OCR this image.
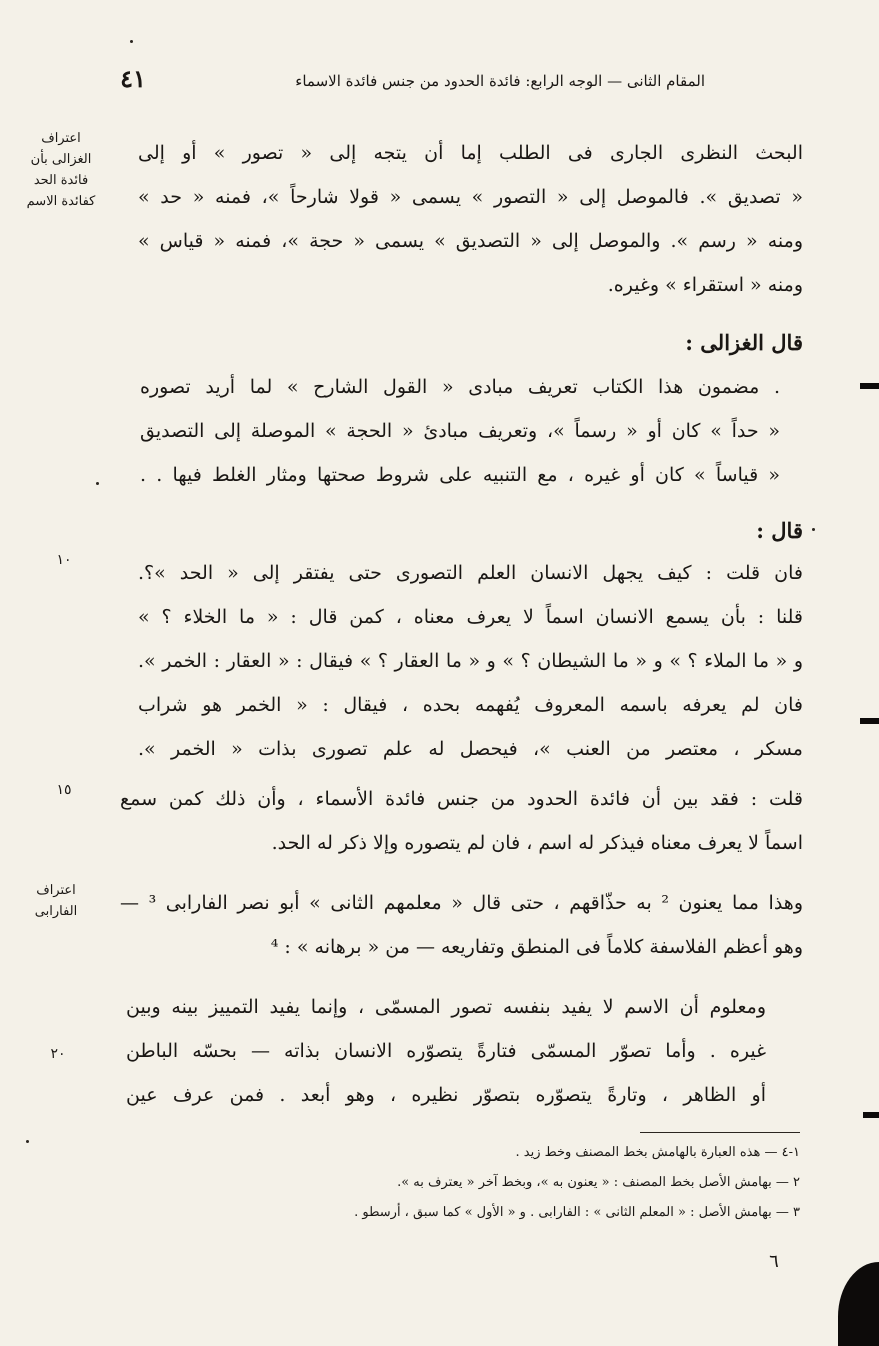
المقام الثانى — الوجه الرابع: فائدة الحدود من جنس فائدة الاسماء
٤١
اعتراف
الغزالى بأن
فائدة الحد
كفائدة الاسم
اعتراف
الفارابى
١٠
١٥
٢٠
البحث النظرى الجارى فى الطلب إما أن يتجه إلى « تصور » أو إلى
« تصديق ». فالموصل إلى « التصور » يسمى « قولا شارحاً »، فمنه « حد »
ومنه « رسم ». والموصل إلى « التصديق » يسمى « حجة »، فمنه « قياس »
ومنه « استقراء » وغيره.
قال الغزالى :
. مضمون هذا الكتاب تعريف مبادى « القول الشارح » لما أريد تصوره
« حداً » كان أو « رسماً »، وتعريف مبادئ « الحجة » الموصلة إلى التصديق
« قياساً » كان أو غيره ، مع التنبيه على شروط صحتها ومثار الغلط فيها . .
قال :
فان قلت : كيف يجهل الانسان العلم التصورى حتى يفتقر إلى « الحد »؟.
قلنا : بأن يسمع الانسان اسماً لا يعرف معناه ، كمن قال : « ما الخلاء ؟ »
و « ما الملاء ؟ » و « ما الشيطان ؟ » و « ما العقار ؟ » فيقال : « العقار : الخمر ».
فان لم يعرفه باسمه المعروف يُفهمه بحده ، فيقال : « الخمر هو شراب
مسكر ، معتصر من العنب »، فيحصل له علم تصورى بذات « الخمر ».
قلت : فقد بين أن فائدة الحدود من جنس فائدة الأسماء ، وأن ذلك كمن سمع
اسماً لا يعرف معناه فيذكر له اسم ، فان لم يتصوره وإلا ذكر له الحد.
وهذا مما يعنون ² به حذّاقهم ، حتى قال « معلمهم الثانى » أبو نصر الفارابى ³ —
وهو أعظم الفلاسفة كلاماً فى المنطق وتفاريعه — من « برهانه » : ⁴
ومعلوم أن الاسم لا يفيد بنفسه تصور المسمّى ، وإنما يفيد التمييز بينه وبين
غيره . وأما تصوّر المسمّى فتارةً يتصوّره الانسان بذاته — بحسّه الباطن
أو الظاهر ، وتارةً يتصوّره بتصوّر نظيره ، وهو أبعد . فمن عرف عين
١-٤ — هذه العبارة بالهامش بخط المصنف وخط زيد .
٢ — بهامش الأصل بخط المصنف : « يعنون به »، وبخط آخر « يعترف به ».
٣ — بهامش الأصل : « المعلم الثانى » : الفارابى . و « الأول » كما سبق ، أرسطو .
٦
